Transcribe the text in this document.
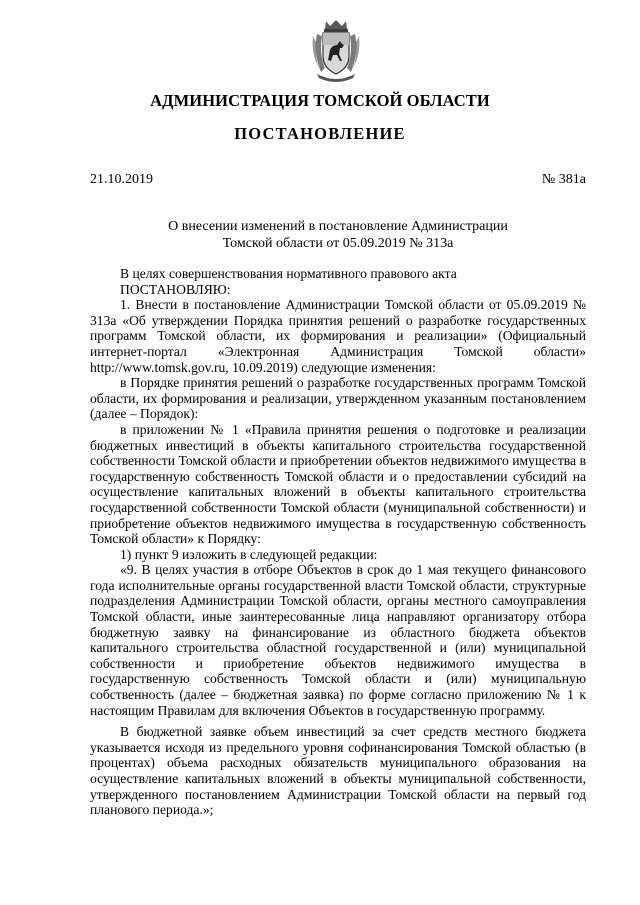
АДМИНИСТРАЦИЯ ТОМСКОЙ ОБЛАСТИ
ПОСТАНОВЛЕНИЕ
21.10.2019	№ 381а
О внесении изменений в постановление Администрации
Томской области от 05.09.2019 № 313а

В целях совершенствования нормативного правового акта

ПОСТАНОВЛЯЮ:

1. Внести в постановление Администрации Томской области от 05.09.2019 № 313а «Об утверждении Порядка принятия решений о разработке государственных программ Томской области, их формирования и реализации» (Официальный интернет-портал «Электронная Администрация Томской области» http://www.tomsk.gov.ru, 10.09.2019) следующие изменения:

в Порядке принятия решений о разработке государственных программ Томской области, их формирования и реализации, утвержденном указанным постановлением (далее – Порядок):

в приложении № 1 «Правила принятия решения о подготовке и реализации бюджетных инвестиций в объекты капитального строительства государственной собственности Томской области и приобретении объектов недвижимого имущества в государственную собственность Томской области и о предоставлении субсидий на осуществление капитальных вложений в объекты капитального строительства государственной собственности Томской области (муниципальной собственности) и приобретение объектов недвижимого имущества в государственную собственность Томской области» к Порядку:

1) пункт 9 изложить в следующей редакции:

«9. В целях участия в отборе Объектов в срок до 1 мая текущего финансового года исполнительные органы государственной власти Томской области, структурные подразделения Администрации Томской области, органы местного самоуправления Томской области, иные заинтересованные лица направляют организатору отбора бюджетную заявку на финансирование из областного бюджета объектов капитального строительства областной государственной и (или) муниципальной собственности и приобретение объектов недвижимого имущества в государственную собственность Томской области и (или) муниципальную собственность (далее – бюджетная заявка) по форме согласно приложению № 1 к настоящим Правилам для включения Объектов в государственную программу.

В бюджетной заявке объем инвестиций за счет средств местного бюджета указывается исходя из предельного уровня софинансирования Томской областью (в процентах) объема расходных обязательств муниципального образования на осуществление капитальных вложений в объекты муниципальной собственности, утвержденного постановлением Администрации Томской области на первый год планового периода.»;
